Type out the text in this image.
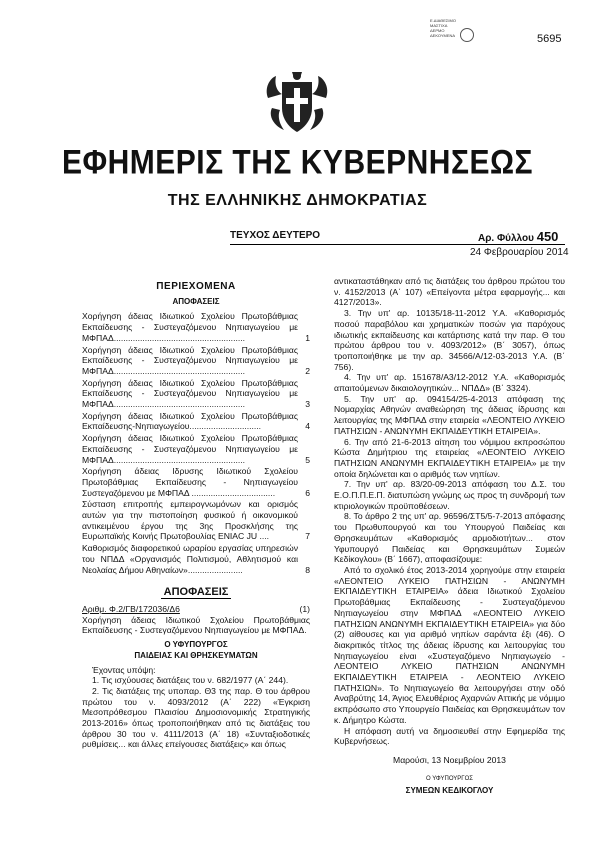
5695
Ε.ΔΙΑΘΕΣΙΜΟ
ΜΑΣΤΙΧΑ
ΔΕΡΜΟ
ΔΕΚΟΥΜΕΝΑ
ΕΦΗΜΕΡΙΣ ΤΗΣ ΚΥΒΕΡΝΗΣΕΩΣ
ΤΗΣ ΕΛΛΗΝΙΚΗΣ ΔΗΜΟΚΡΑΤΙΑΣ
ΤΕΥΧΟΣ ΔΕΥΤΕΡΟ	Αρ. Φύλλου 450
24 Φεβρουαρίου 2014
ΠΕΡΙΕΧΟΜΕΝΑ
ΑΠΟΦΑΣΕΙΣ
Χορήγηση άδειας Ιδιωτικού Σχολείου Πρωτοβάθμιας Εκπαίδευσης - Συστεγαζόμενου Νηπιαγωγείου με ΜΦΠΑΔ.......................................................	1
Χορήγηση άδειας Ιδιωτικού Σχολείου Πρωτοβάθμιας Εκπαίδευσης - Συστεγαζόμενου Νηπιαγωγείου με ΜΦΠΑΔ.......................................................	2
Χορήγηση άδειας Ιδιωτικού Σχολείου Πρωτοβάθμιας Εκπαίδευσης - Συστεγαζόμενου Νηπιαγωγείου με ΜΦΠΑΔ.......................................................	3
Χορήγηση άδειας Ιδιωτικού Σχολείου Πρωτοβάθμιας Εκπαίδευσης-Νηπιαγωγείου..............................	4
Χορήγηση άδειας Ιδιωτικού Σχολείου Πρωτοβάθμιας Εκπαίδευσης - Συστεγαζόμενου Νηπιαγωγείου με ΜΦΠΑΔ.......................................................	5
Χορήγηση άδειας Ιδρυσης Ιδιωτικού Σχολείου Πρωτοβάθμιας Εκπαίδευσης - Νηπιαγωγείου Συστεγαζόμενου με ΜΦΠΑΔ ...................................	6
Σύσταση επιτροπής εμπειρογνωμόνων και ορισμός αυτών για την πιστοποίηση φυσικού ή οικονομικού αντικειμένου έργου της 3ης Προσκλήσης της Ευρωπαϊκής Κοινής Πρωτοβουλίας ENIAC JU ....	7
Καθορισμός διαφορετικού ωραρίου εργασίας υπηρεσιών του ΝΠΔΔ «Οργανισμός Πολιτισμού, Αθλητισμού και Νεολαίας Δήμου Αθηναίων».......................	8
ΑΠΟΦΑΣΕΙΣ
Αριθμ. Φ.2/ΓΒ/172036/Δ6	(1)
Χορήγηση άδειας Ιδιωτικού Σχολείου Πρωτοβάθμιας Εκπαίδευσης - Συστεγαζόμενου Νηπιαγωγείου με ΜΦΠΑΔ.
Ο ΥΦΥΠΟΥΡΓΟΣ
ΠΑΙΔΕΙΑΣ ΚΑΙ ΘΡΗΣΚΕΥΜΑΤΩΝ

Έχοντας υπόψη:

1. Τις ισχύουσες διατάξεις του ν. 682/1977 (Α΄ 244).

2. Τις διατάξεις της υποπαρ. Θ3 της παρ. Θ του άρθρου πρώτου του ν. 4093/2012 (Α΄ 222) «Έγκριση Μεσοπρόθεσμου Πλαισίου Δημοσιονομικής Στρατηγικής 2013-2016» όπως τροποποιήθηκαν από τις διατάξεις του άρθρου 30 του ν. 4111/2013 (Α΄ 18) «Συνταξιοδοτικές ρυθμίσεις... και άλλες επείγουσες διατάξεις» και όπως

αντικαταστάθηκαν από τις διατάξεις του άρθρου πρώτου του ν. 4152/2013 (Α΄ 107) «Επείγοντα μέτρα εφαρμογής... και 4127/2013».

3. Την υπ' αρ. 10135/18-11-2012 Υ.Α. «Καθορισμός ποσού παραβόλου και χρηματικών ποσών για παρόχους ιδιωτικής εκπαίδευσης και κατάρτισης κατά την παρ. Θ του πρώτου άρθρου του ν. 4093/2012» (Β΄ 3057), όπως τροποποιήθηκε με την αρ. 34566/Α/12-03-2013 Υ.Α. (Β΄ 756).

4. Την υπ' αρ. 151678/Α3/12-2012 Υ.Α. «Καθορισμός απαιτούμενων δικαιολογητικών... ΝΠΔΔ» (Β΄ 3324).

5. Την υπ' αρ. 094154/25-4-2013 απόφαση της Νομαρχίας Αθηνών αναθεώρηση της άδειας ίδρυσης και λειτουργίας της ΜΦΠΑΔ στην εταιρεία «ΛΕΟΝΤΕΙΟ ΛΥΚΕΙΟ ΠΑΤΗΣΙΩΝ - ΑΝΩΝΥΜΗ ΕΚΠΑΙΔΕΥΤΙΚΗ ΕΤΑΙΡΕΙΑ».

6. Την από 21-6-2013 αίτηση του νόμιμου εκπροσώπου Κώστα Δημήτριου της εταιρείας «ΛΕΟΝΤΕΙΟ ΛΥΚΕΙΟ ΠΑΤΗΣΙΩΝ ΑΝΩΝΥΜΗ ΕΚΠΑΙΔΕΥΤΙΚΗ ΕΤΑΙΡΕΙΑ» με την οποία δηλώνεται και ο αριθμός των νηπίων.

7. Την υπ' αρ. 83/20-09-2013 απόφαση του Δ.Σ. του Ε.Ο.Π.Π.Ε.Π. διατυπώση γνώμης ως προς τη συνδρομή των κτιριολογικών προϋποθέσεων.

8. Το άρθρο 2 της υπ' αρ. 96596/ΣΤ5/5-7-2013 απόφασης του Πρωθυπουργού και του Υπουργού Παιδείας και Θρησκευμάτων «Καθορισμός αρμοδιοτήτων... στον Υφυπουργό Παιδείας και Θρησκευμάτων Συμεών Κεδίκογλου» (Β΄ 1667), αποφασίζουμε:

Από το σχολικό έτος 2013-2014 χορηγούμε στην εταιρεία «ΛΕΟΝΤΕΙΟ ΛΥΚΕΙΟ ΠΑΤΗΣΙΩΝ - ΑΝΩΝΥΜΗ ΕΚΠΑΙΔΕΥΤΙΚΗ ΕΤΑΙΡΕΙΑ» άδεια Ιδιωτικού Σχολείου Πρωτοβάθμιας Εκπαίδευσης - Συστεγαζόμενου Νηπιαγωγείου στην ΜΦΠΑΔ «ΛΕΟΝΤΕΙΟ ΛΥΚΕΙΟ ΠΑΤΗΣΙΩΝ ΑΝΩΝΥΜΗ ΕΚΠΑΙΔΕΥΤΙΚΗ ΕΤΑΙΡΕΙΑ» για δύο (2) αίθουσες και για αριθμό νηπίων σαράντα έξι (46). Ο διακριτικός τίτλος της άδειας ίδρυσης και λειτουργίας του Νηπιαγωγείου είναι «Συστεγαζόμενο Νηπιαγωγείο - ΛΕΟΝΤΕΙΟ ΛΥΚΕΙΟ ΠΑΤΗΣΙΩΝ ΑΝΩΝΥΜΗ ΕΚΠΑΙΔΕΥΤΙΚΗ ΕΤΑΙΡΕΙΑ - ΛΕΟΝΤΕΙΟ ΛΥΚΕΙΟ ΠΑΤΗΣΙΩΝ». Το Νηπιαγωγείο θα λειτουργήσει στην οδό Αναβρύτης 14, Άγιος Ελευθέριος Αχαρνών Αττικής με νόμιμο εκπρόσωπο στο Υπουργείο Παιδείας και Θρησκευμάτων τον κ. Δήμητρο Κώστα.

Η απόφαση αυτή να δημοσιευθεί στην Εφημερίδα της Κυβερνήσεως.

Μαρούσι, 13 Νοεμβρίου 2013
Ο ΥΦΥΠΟΥΡΓΟΣ
ΣΥΜΕΩΝ ΚΕΔΙΚΟΓΛΟΥ
